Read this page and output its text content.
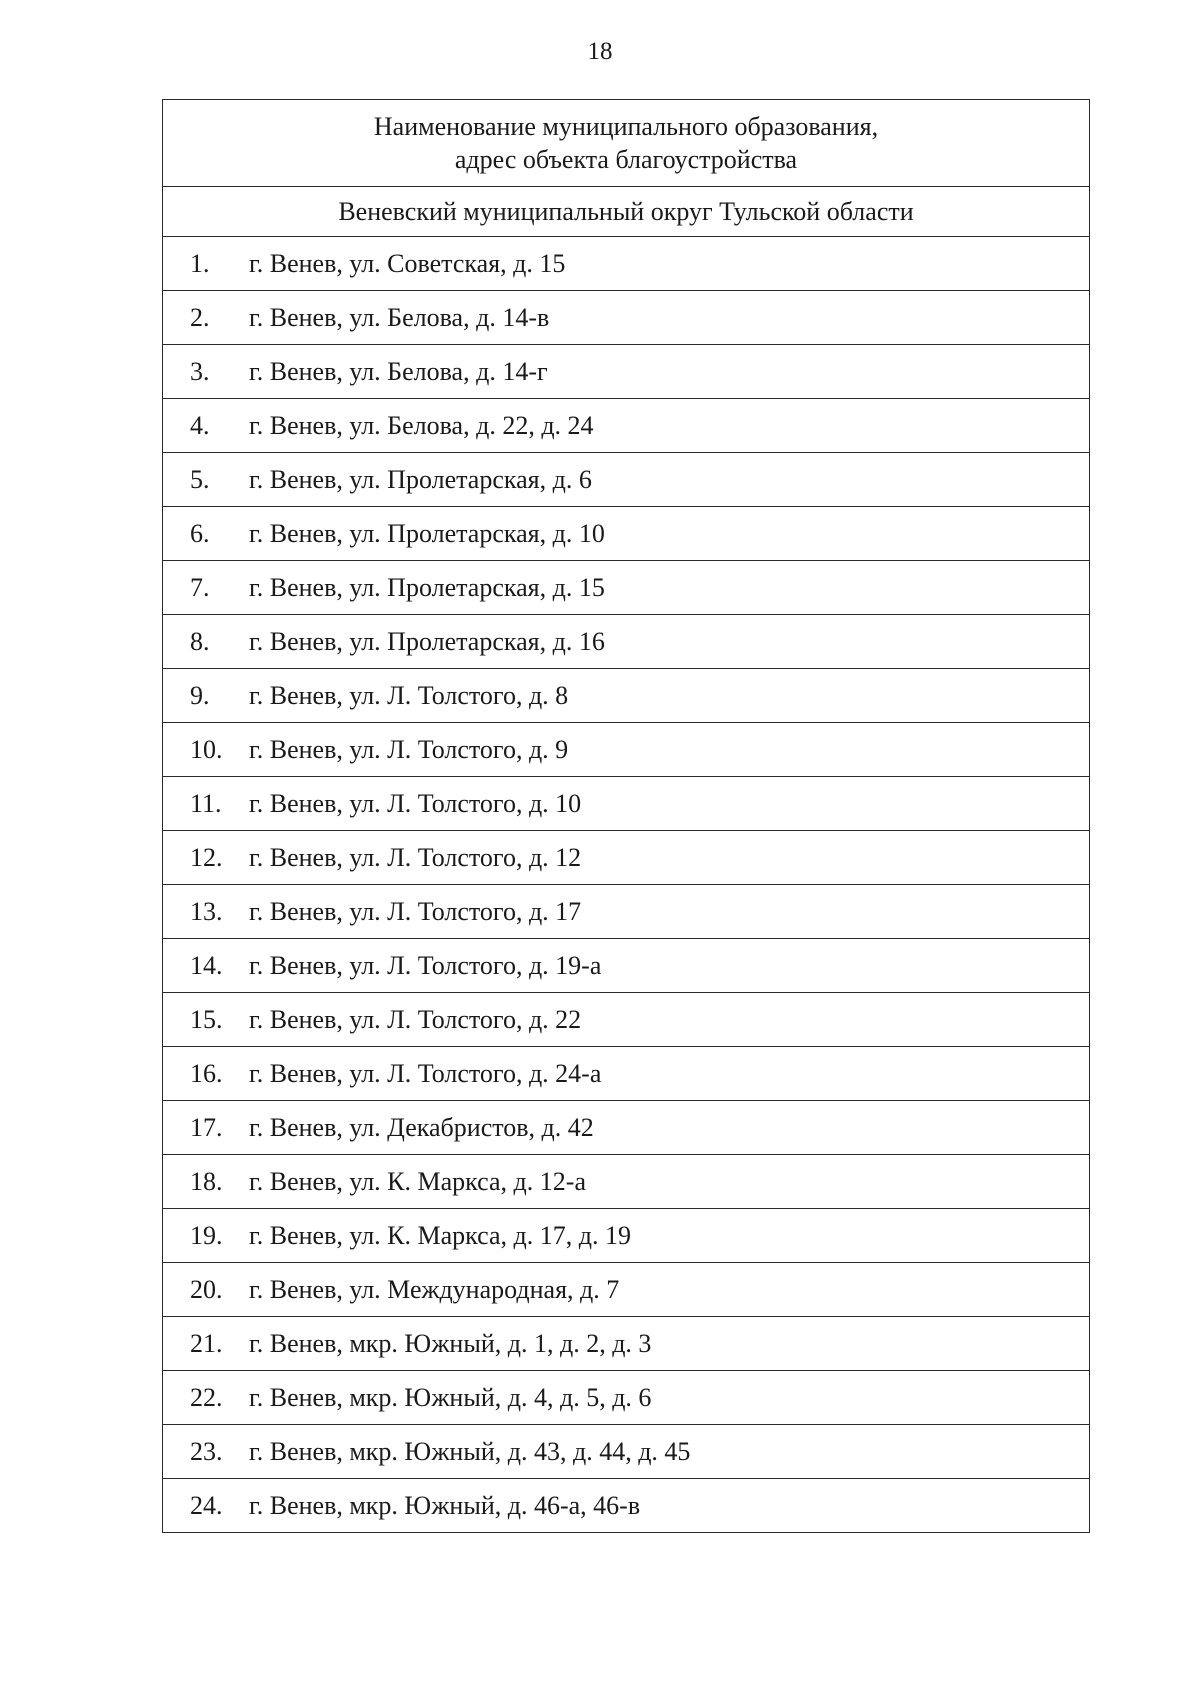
18
Наименование муниципального образования,
адрес объекта благоустройства
Веневский муниципальный округ Тульской области
1.	г. Венев, ул. Советская, д. 15
2.	г. Венев, ул. Белова, д. 14-в
3.	г. Венев, ул. Белова, д. 14-г
4.	г. Венев, ул. Белова, д. 22, д. 24
5.	г. Венев, ул. Пролетарская, д. 6
6.	г. Венев, ул. Пролетарская, д. 10
7.	г. Венев, ул. Пролетарская, д. 15
8.	г. Венев, ул. Пролетарская, д. 16
9.	г. Венев, ул. Л. Толстого, д. 8
10.	г. Венев, ул. Л. Толстого, д. 9
11.	г. Венев, ул. Л. Толстого, д. 10
12.	г. Венев, ул. Л. Толстого, д. 12
13.	г. Венев, ул. Л. Толстого, д. 17
14.	г. Венев, ул. Л. Толстого, д. 19-а
15.	г. Венев, ул. Л. Толстого, д. 22
16.	г. Венев, ул. Л. Толстого, д. 24-а
17.	г. Венев, ул. Декабристов, д. 42
18.	г. Венев, ул. К. Маркса, д. 12-а
19.	г. Венев, ул. К. Маркса, д. 17, д. 19
20.	г. Венев, ул. Международная, д. 7
21.	г. Венев, мкр. Южный, д. 1, д. 2, д. 3
22.	г. Венев, мкр. Южный, д. 4, д. 5, д. 6
23.	г. Венев, мкр. Южный, д. 43, д. 44, д. 45
24.	г. Венев, мкр. Южный, д. 46-а, 46-в
